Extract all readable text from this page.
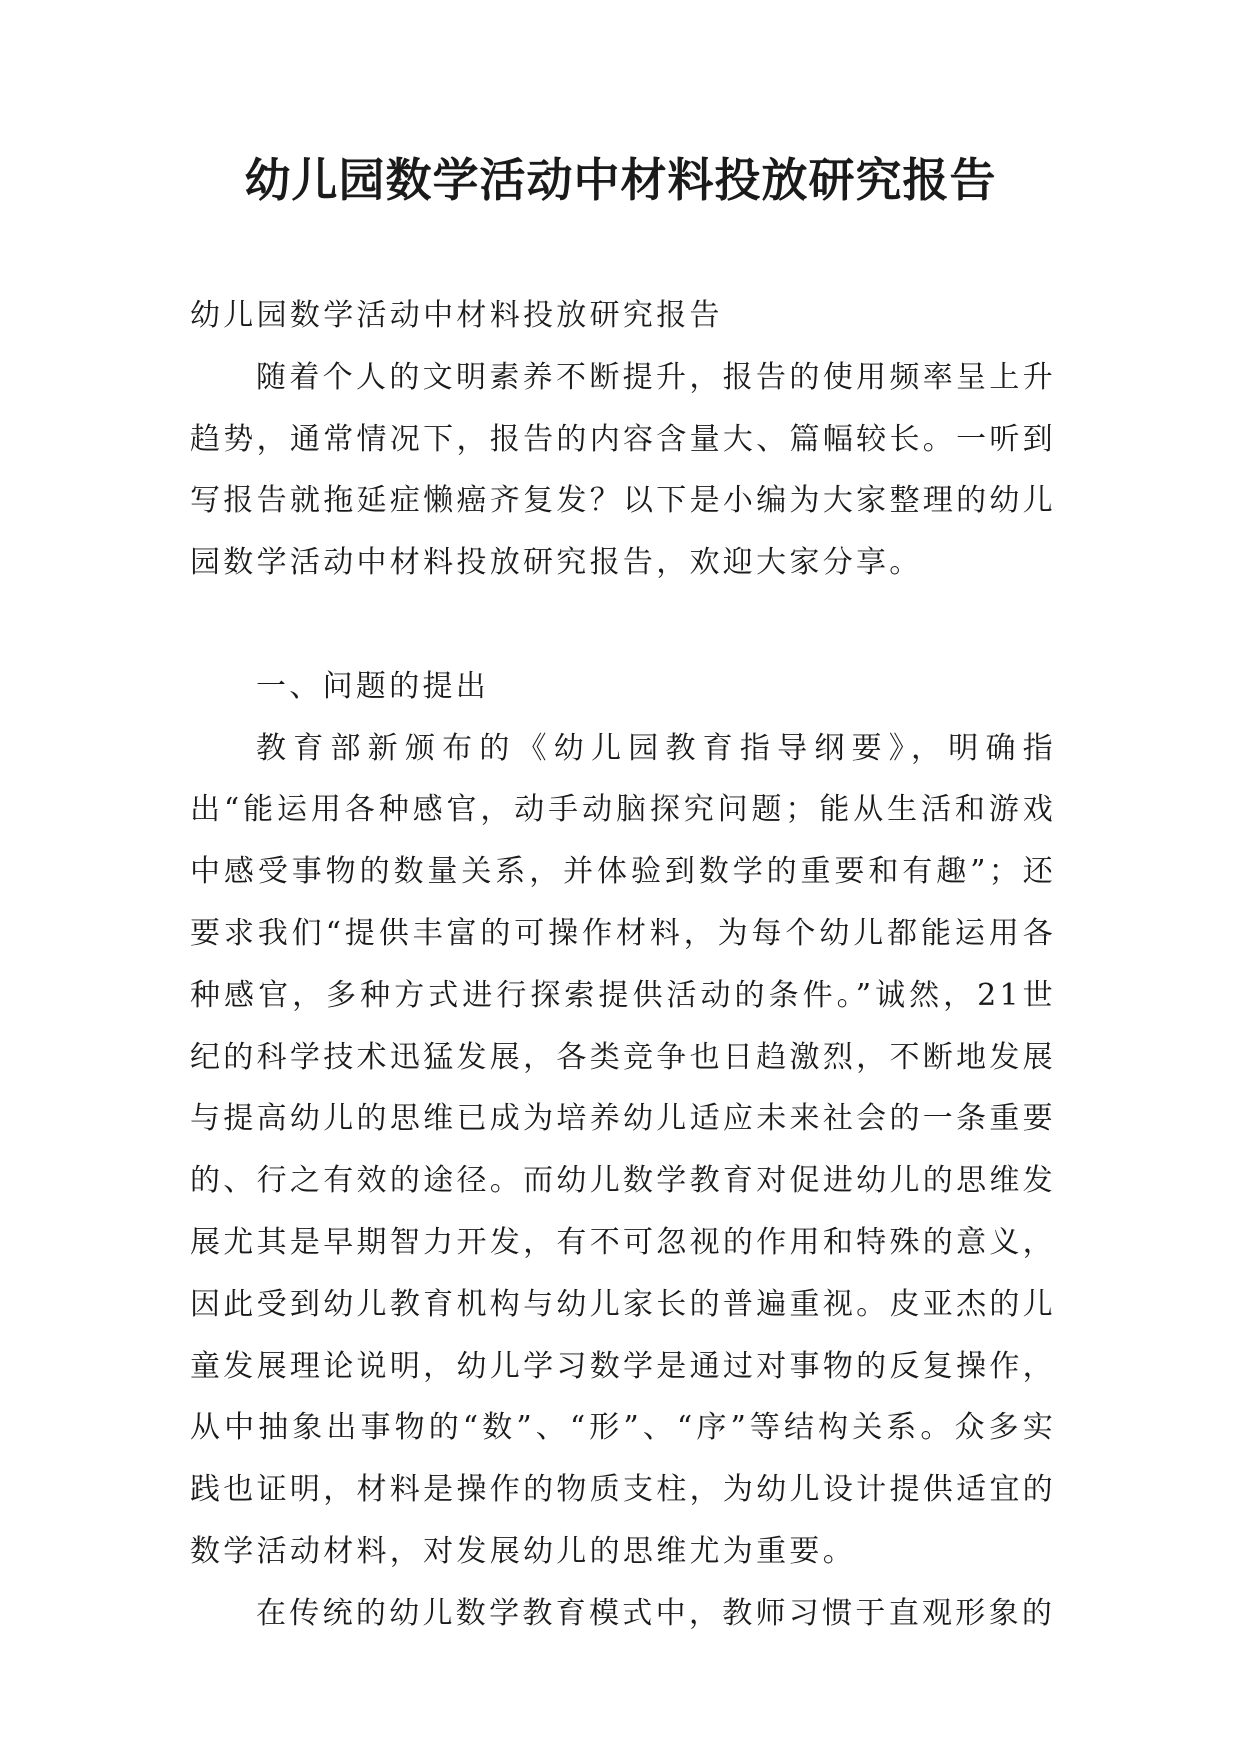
幼儿园数学活动中材料投放研究报告

幼儿园数学活动中材料投放研究报告

随着个人的文明素养不断提升，报告的使用频率呈上升趋势，通常情况下，报告的内容含量大、篇幅较长。一听到写报告就拖延症懒癌齐复发？以下是小编为大家整理的幼儿园数学活动中材料投放研究报告，欢迎大家分享。

一、问题的提出

教育部新颁布的《幼儿园教育指导纲要》，明确指出“能运用各种感官，动手动脑探究问题；能从生活和游戏中感受事物的数量关系，并体验到数学的重要和有趣”；还要求我们“提供丰富的可操作材料，为每个幼儿都能运用各种感官，多种方式进行探索提供活动的条件。”诚然，21世纪的科学技术迅猛发展，各类竞争也日趋激烈，不断地发展与提高幼儿的思维已成为培养幼儿适应未来社会的一条重要的、行之有效的途径。而幼儿数学教育对促进幼儿的思维发展尤其是早期智力开发，有不可忽视的作用和特殊的意义，因此受到幼儿教育机构与幼儿家长的普遍重视。皮亚杰的儿童发展理论说明，幼儿学习数学是通过对事物的反复操作，从中抽象出事物的“数”、“形”、“序”等结构关系。众多实践也证明，材料是操作的物质支柱，为幼儿设计提供适宜的数学活动材料，对发展幼儿的思维尤为重要。

在传统的幼儿数学教育模式中，教师习惯于直观形象的
